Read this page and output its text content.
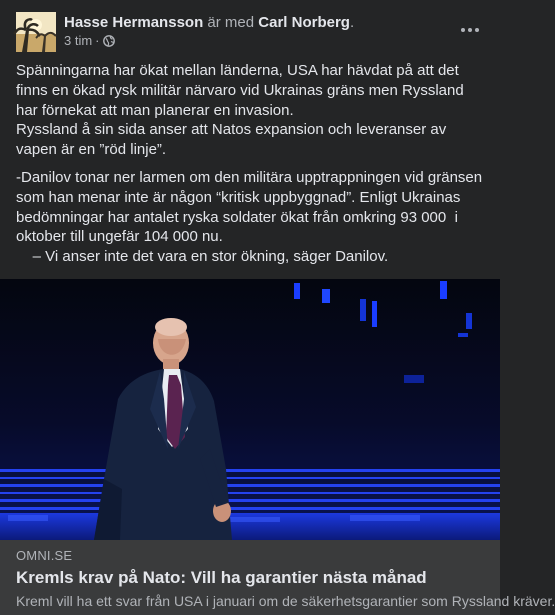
Hasse Hermansson är med Carl Norberg.
3 tim ·

Spänningarna har ökat mellan länderna, USA har hävdat på att det finns en ökad rysk militär närvaro vid Ukrainas gräns men Ryssland har förnekat att man planerar en invasion.
Ryssland å sin sida anser att Natos expansion och leveranser av vapen är en ”röd linje”.

-Danilov tonar ner larmen om den militära upptrappningen vid gränsen som han menar inte är någon “kritisk uppbyggnad”. Enligt Ukrainas bedömningar har antalet ryska soldater ökat från omkring 93 000  i oktober till ungefär 104 000 nu.
– Vi anser inte det vara en stor ökning, säger Danilov.

OMNI.SE
Kremls krav på Nato: Vill ha garantier nästa månad
Kreml vill ha ett svar från USA i januari om de säkerhetsgarantier som Ryssland kräver.
